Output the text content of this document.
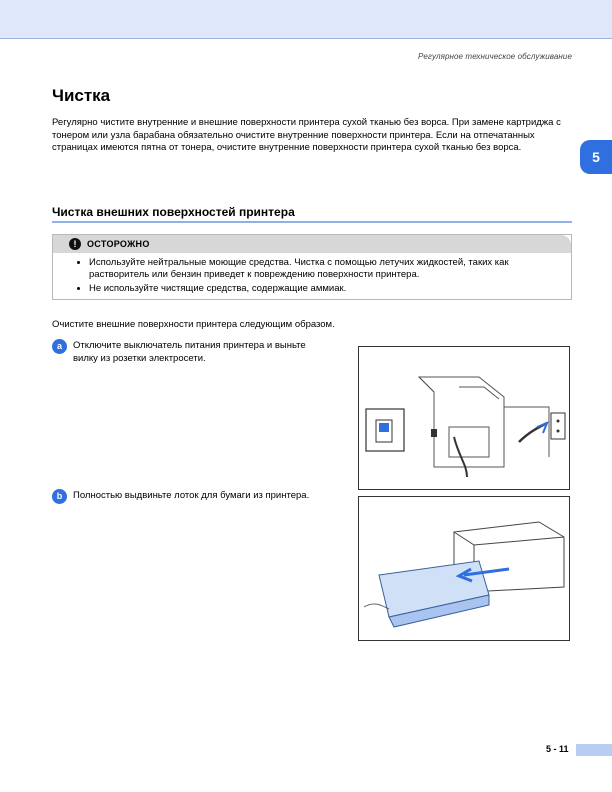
Регулярное техническое обслуживание
5
Чистка
Регулярно чистите внутренние и внешние поверхности принтера сухой тканью без ворса. При замене картриджа с тонером или узла барабана обязательно очистите внутренние поверхности принтера. Если на отпечатанных страницах имеются пятна от тонера, очистите внутренние поверхности принтера сухой тканью без ворса.
Чистка внешних поверхностей принтера
!	ОСТОРОЖНО
• Используйте нейтральные моющие средства. Чистка с помощью летучих жидкостей, таких как растворитель или бензин приведет к повреждению поверхности принтера.
• Не используйте чистящие средства, содержащие аммиак.
Очистите внешние поверхности принтера следующим образом.
a	Отключите выключатель питания принтера и выньте вилку из розетки электросети.
b	Полностью выдвиньте лоток для бумаги из принтера.
5 - 11
